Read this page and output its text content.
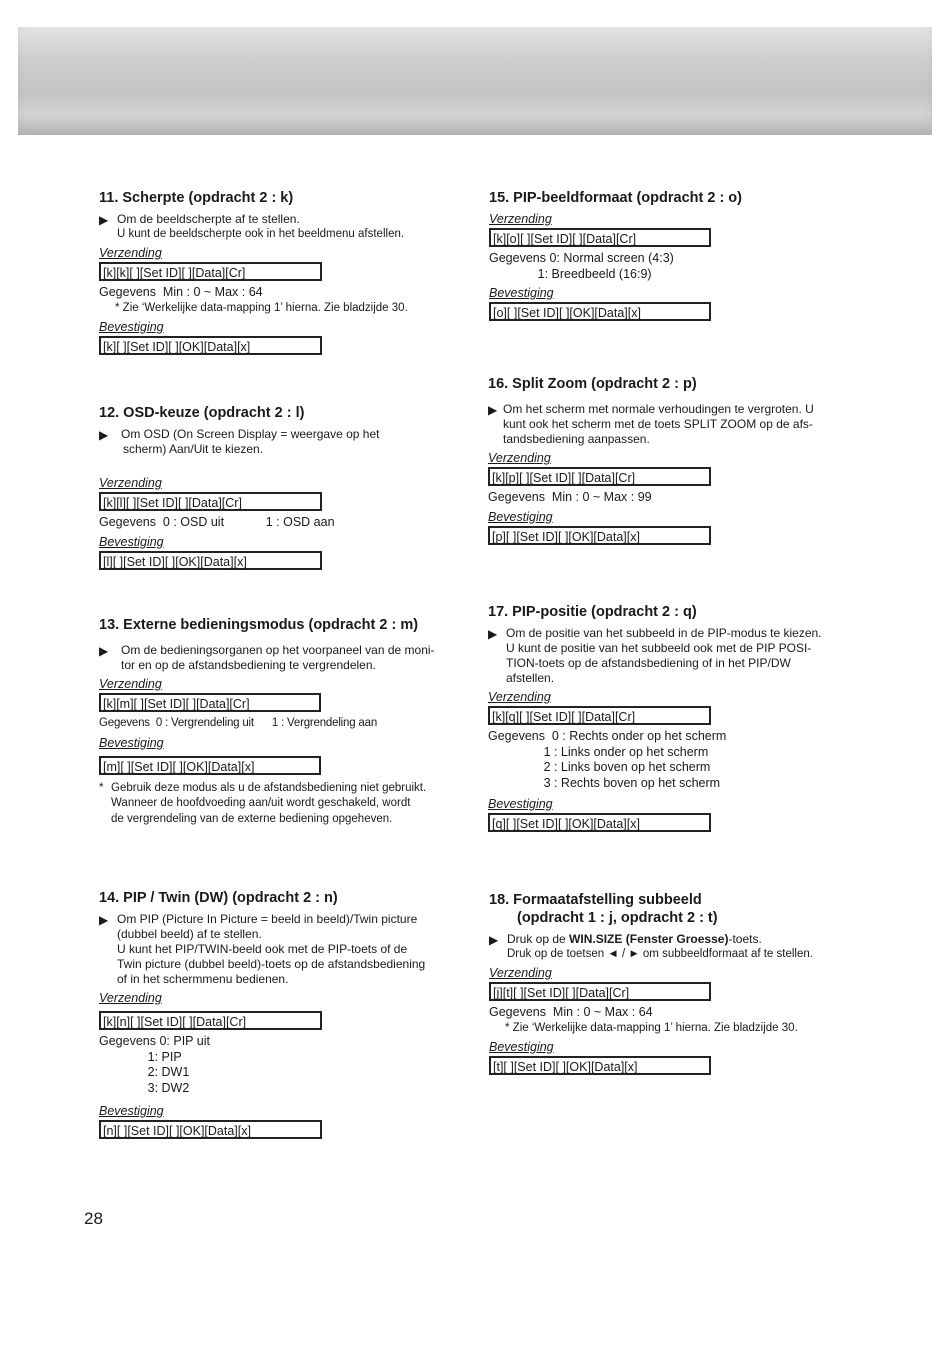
11. Scherpte (opdracht 2 : k)
▶ Om de beeldscherpte af te stellen.
U kunt de beeldscherpte ook in het beeldmenu afstellen.
Verzending
[k][k][ ][Set ID][ ][Data][Cr]
Gegevens  Min : 0 ~ Max : 64
* Zie ‘Werkelijke data-mapping 1’ hierna. Zie bladzijde 30.
Bevestiging
[k][ ][Set ID][ ][OK][Data][x]
12. OSD-keuze (opdracht 2 : l)
▶ Om OSD (On Screen Display = weergave op het
scherm) Aan/Uit te kiezen.
Verzending
[k][l][ ][Set ID][ ][Data][Cr]
Gegevens  0 : OSD uit            1 : OSD aan
Bevestiging
[l][ ][Set ID][ ][OK][Data][x]
13. Externe bedieningsmodus (opdracht 2 : m)
▶ Om de bedieningsorganen op het voorpaneel van de moni-
tor en op de afstandsbediening te vergrendelen.
Verzending
[k][m][ ][Set ID][ ][Data][Cr]
Gegevens  0 : Vergrendeling uit      1 : Vergrendeling aan
Bevestiging
[m][ ][Set ID][ ][OK][Data][x]
* Gebruik deze modus als u de afstandsbediening niet gebruikt.
Wanneer de hoofdvoeding aan/uit wordt geschakeld, wordt
de vergrendeling van de externe bediening opgeheven.
14. PIP / Twin (DW) (opdracht 2 : n)
▶ Om PIP (Picture In Picture = beeld in beeld)/Twin picture
(dubbel beeld) af te stellen.
U kunt het PIP/TWIN-beeld ook met de PIP-toets of de
Twin picture (dubbel beeld)-toets op de afstandsbediening
of in het schermmenu bedienen.
Verzending
[k][n][ ][Set ID][ ][Data][Cr]
Gegevens 0: PIP uit
1: PIP
2: DW1
3: DW2
Bevestiging
[n][ ][Set ID][ ][OK][Data][x]
15. PIP-beeldformaat (opdracht 2 : o)
Verzending
[k][o][ ][Set ID][ ][Data][Cr]
Gegevens 0: Normal screen (4:3)
1: Breedbeeld (16:9)
Bevestiging
[o][ ][Set ID][ ][OK][Data][x]
16. Split Zoom (opdracht 2 : p)
▶ Om het scherm met normale verhoudingen te vergroten. U
kunt ook het scherm met de toets SPLIT ZOOM op de afs-
tandsbediening aanpassen.
Verzending
[k][p][ ][Set ID][ ][Data][Cr]
Gegevens  Min : 0 ~ Max : 99
Bevestiging
[p][ ][Set ID][ ][OK][Data][x]
17. PIP-positie (opdracht 2 : q)
▶ Om de positie van het subbeeld in de PIP-modus te kiezen.
U kunt de positie van het subbeeld ook met de PIP POSI-
TION-toets op de afstandsbediening of in het PIP/DW
afstellen.
Verzending
[k][q][ ][Set ID][ ][Data][Cr]
Gegevens  0 : Rechts onder op het scherm
1 : Links onder op het scherm
2 : Links boven op het scherm
3 : Rechts boven op het scherm
Bevestiging
[q][ ][Set ID][ ][OK][Data][x]
18. Formaatafstelling subbeeld
(opdracht 1 : j, opdracht 2 : t)
▶ Druk op de WIN.SIZE (Fenster Groesse)-toets.
Druk op de toetsen ◄ / ► om subbeeldformaat af te stellen.
Verzending
[j][t][ ][Set ID][ ][Data][Cr]
Gegevens  Min : 0 ~ Max : 64
* Zie ‘Werkelijke data-mapping 1’ hierna. Zie bladzijde 30.
Bevestiging
[t][ ][Set ID][ ][OK][Data][x]
28
